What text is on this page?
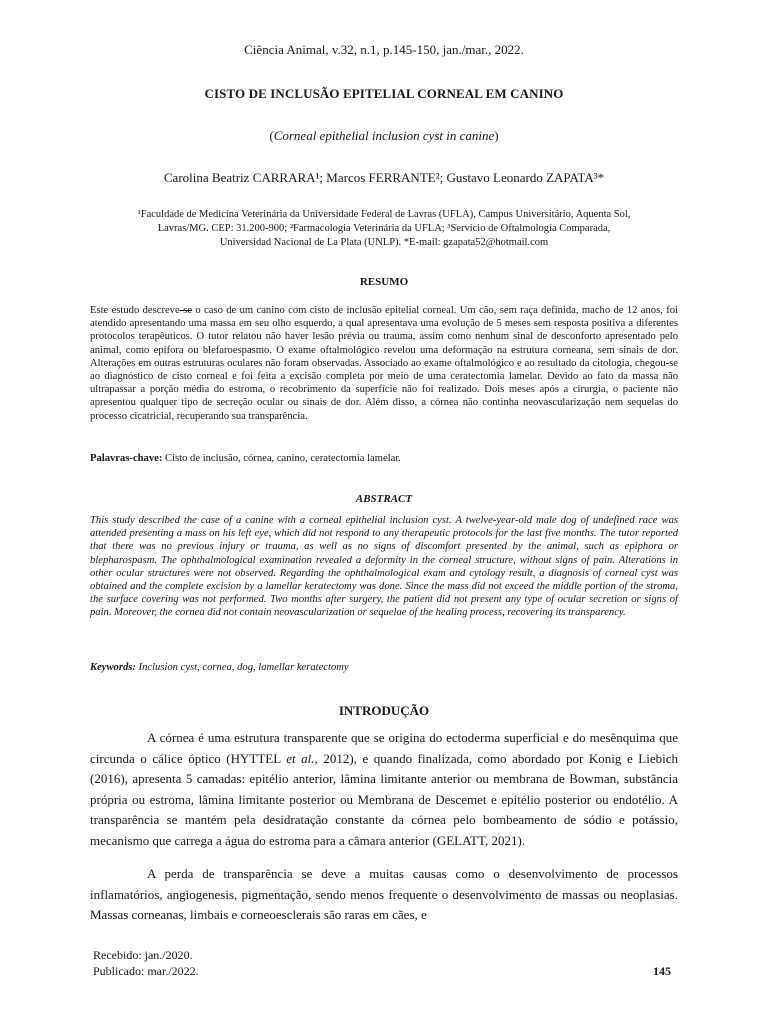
Ciência Animal, v.32, n.1, p.145-150, jan./mar., 2022.
CISTO DE INCLUSÃO EPITELIAL CORNEAL EM CANINO
(Corneal epithelial inclusion cyst in canine)
Carolina Beatriz CARRARA¹; Marcos FERRANTE²; Gustavo Leonardo ZAPATA³*
¹Faculdade de Medicina Veterinária da Universidade Federal de Lavras (UFLA), Campus Universitário, Aquenta Sol,
Lavras/MG. CEP: 31.200-900; ²Farmacologia Veterinária da UFLA; ³Servicio de Oftalmología Comparada,
Universidad Nacional de La Plata (UNLP). *E-mail: gzapata52@hotmail.com
RESUMO
Este estudo descreve-se o caso de um canino com cisto de inclusão epitelial corneal. Um cão, sem raça definida, macho de 12 anos, foi atendido apresentando uma massa em seu olho esquerdo, a qual apresentava uma evolução de 5 meses sem resposta positiva a diferentes protocolos terapêuticos. O tutor relatou não haver lesão prévia ou trauma, assim como nenhum sinal de desconforto apresentado pelo animal, como epífora ou blefaroespasmo. O exame oftalmológico revelou uma deformação na estrutura corneana, sem sinais de dor. Alterações em outras estruturas oculares não foram observadas. Associado ao exame oftalmológico e ao resultado da citologia, chegou-se ao diagnóstico de cisto corneal e foi feita a excisão completa por meio de uma ceratectomia lamelar. Devido ao fato da massa não ultrapassar a porção média do estroma, o recobrimento da superfície não foi realizado. Dois meses após a cirurgia, o paciente não apresentou qualquer tipo de secreção ocular ou sinais de dor. Além disso, a córnea não continha neovascularização nem sequelas do processo cicatricial, recuperando sua transparência.
Palavras-chave: Cisto de inclusão, córnea, canino, ceratectomia lamelar.
ABSTRACT
This study described the case of a canine with a corneal epithelial inclusion cyst. A twelve-year-old male dog of undefined race was attended presenting a mass on his left eye, which did not respond to any therapeutic protocols for the last five months. The tutor reported that there was no previous injury or trauma, as well as no signs of discomfort presented by the animal, such as epiphora or blepharospasm. The ophthalmological examination revealed a deformity in the corneal structure, without signs of pain. Alterations in other ocular structures were not observed. Regarding the ophthalmological exam and cytology result, a diagnosis of corneal cyst was obtained and the complete excision by a lamellar keratectomy was done. Since the mass did not exceed the middle portion of the stroma, the surface covering was not performed. Two months after surgery, the patient did not present any type of ocular secretion or signs of pain. Moreover, the cornea did not contain neovascularization or sequelae of the healing process, recovering its transparency.
Keywords: Inclusion cyst, cornea, dog, lamellar keratectomy
INTRODUÇÃO
A córnea é uma estrutura transparente que se origina do ectoderma superficial e do mesênquima que circunda o cálice óptico (HYTTEL et al., 2012), e quando finalizada, como abordado por Konig e Liebich (2016), apresenta 5 camadas: epitélio anterior, lâmina limitante anterior ou membrana de Bowman, substância própria ou estroma, lâmina limitante posterior ou Membrana de Descemet e epitélio posterior ou endotélio. A transparência se mantém pela desidratação constante da córnea pelo bombeamento de sódio e potássio, mecanismo que carrega a água do estroma para a câmara anterior (GELATT, 2021).
A perda de transparência se deve a muitas causas como o desenvolvimento de processos inflamatórios, angiogenesis, pigmentação, sendo menos frequente o desenvolvimento de massas ou neoplasias. Massas corneanas, limbais e corneoesclerais são raras em cães, e
Recebido: jan./2020.
Publicado: mar./2022.	145
